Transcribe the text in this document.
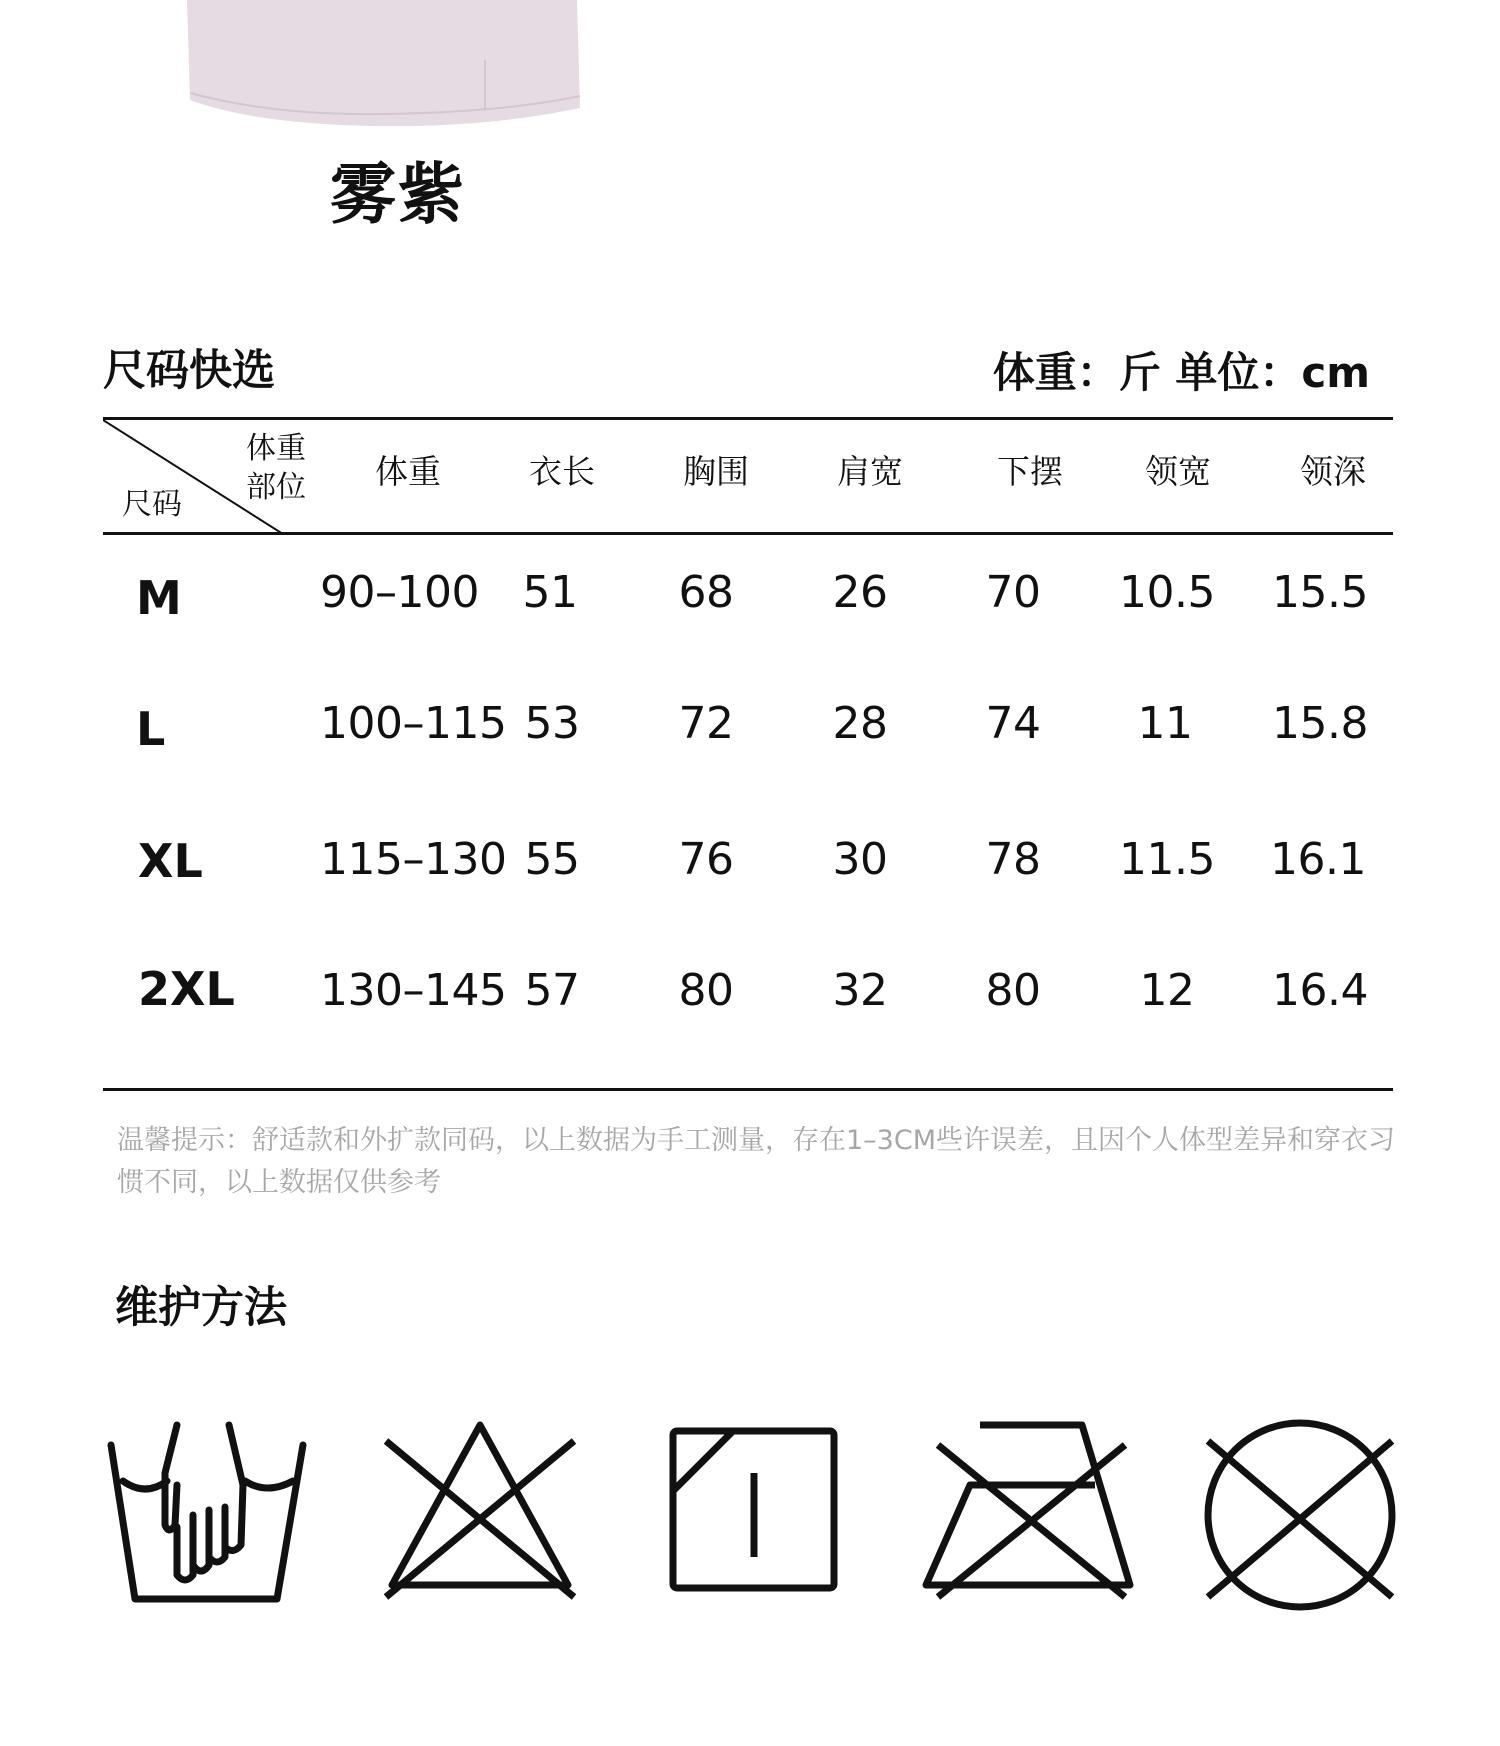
雾紫
尺码快选	体重：斤 单位：cm
体重
部位
尺码
体重	衣长	胸围	肩宽	下摆	领宽	领深
M	90–100 51	68	26	70	10.5	15.5
L	100–115 53	72	28	74	11	15.8
XL	115–130 55	76	30	78	11.5	16.1
2XL 130–145 57	80	32	80	12	16.4

温馨提示：舒适款和外扩款同码，以上数据为手工测量，存在1–3CM些许误差，且因个人体型差异和穿衣习惯不同，以上数据仅供参考

维护方法
